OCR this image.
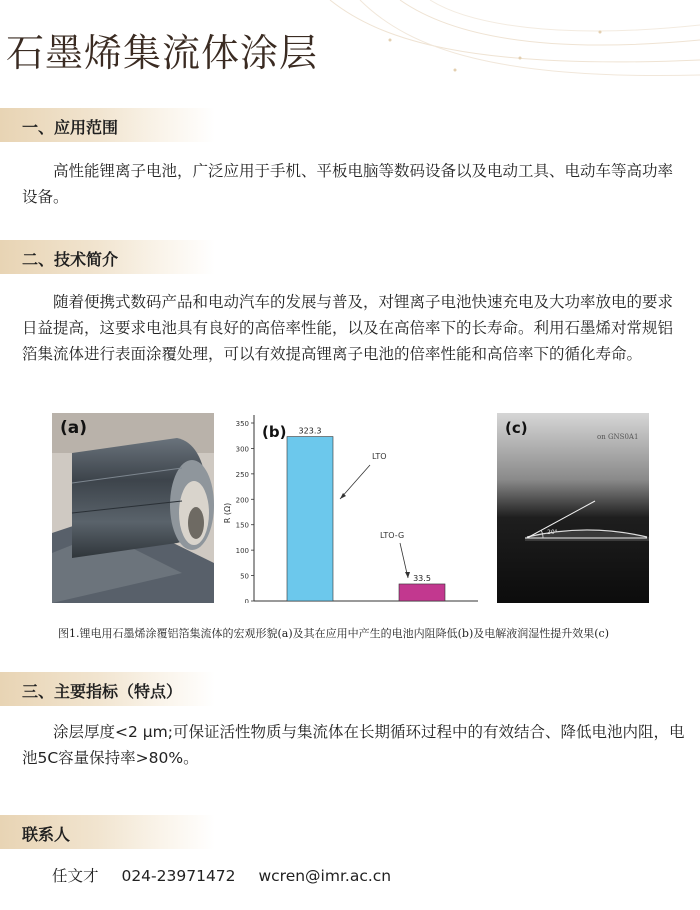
石墨烯集流体涂层
一、应用范围

高性能锂离子电池，广泛应用于手机、平板电脑等数码设备以及电动工具、电动车等高功率设备。

二、技术简介

随着便携式数码产品和电动汽车的发展与普及，对锂离子电池快速充电及大功率放电的要求日益提高，这要求电池具有良好的高倍率性能，以及在高倍率下的长寿命。利用石墨烯对常规铝箔集流体进行表面涂覆处理，可以有效提高锂离子电池的倍率性能和高倍率下的循化寿命。

(a)
0
50
100
150
200
250
300
350
323.3
33.5
R (Ω)
(b)
LTO
LTO-G	20°
(c)	on GNS0A1
图1.锂电用石墨烯涂覆铝箔集流体的宏观形貌(a)及其在应用中产生的电池内阻降低(b)及电解液润湿性提升效果(c)
三、主要指标（特点）

涂层厚度<2 μm;可保证活性物质与集流体在长期循环过程中的有效结合、降低电池内阻，电池5C容量保持率>80%。

联系人
任文才 024-23971472 wcren@imr.ac.cn
